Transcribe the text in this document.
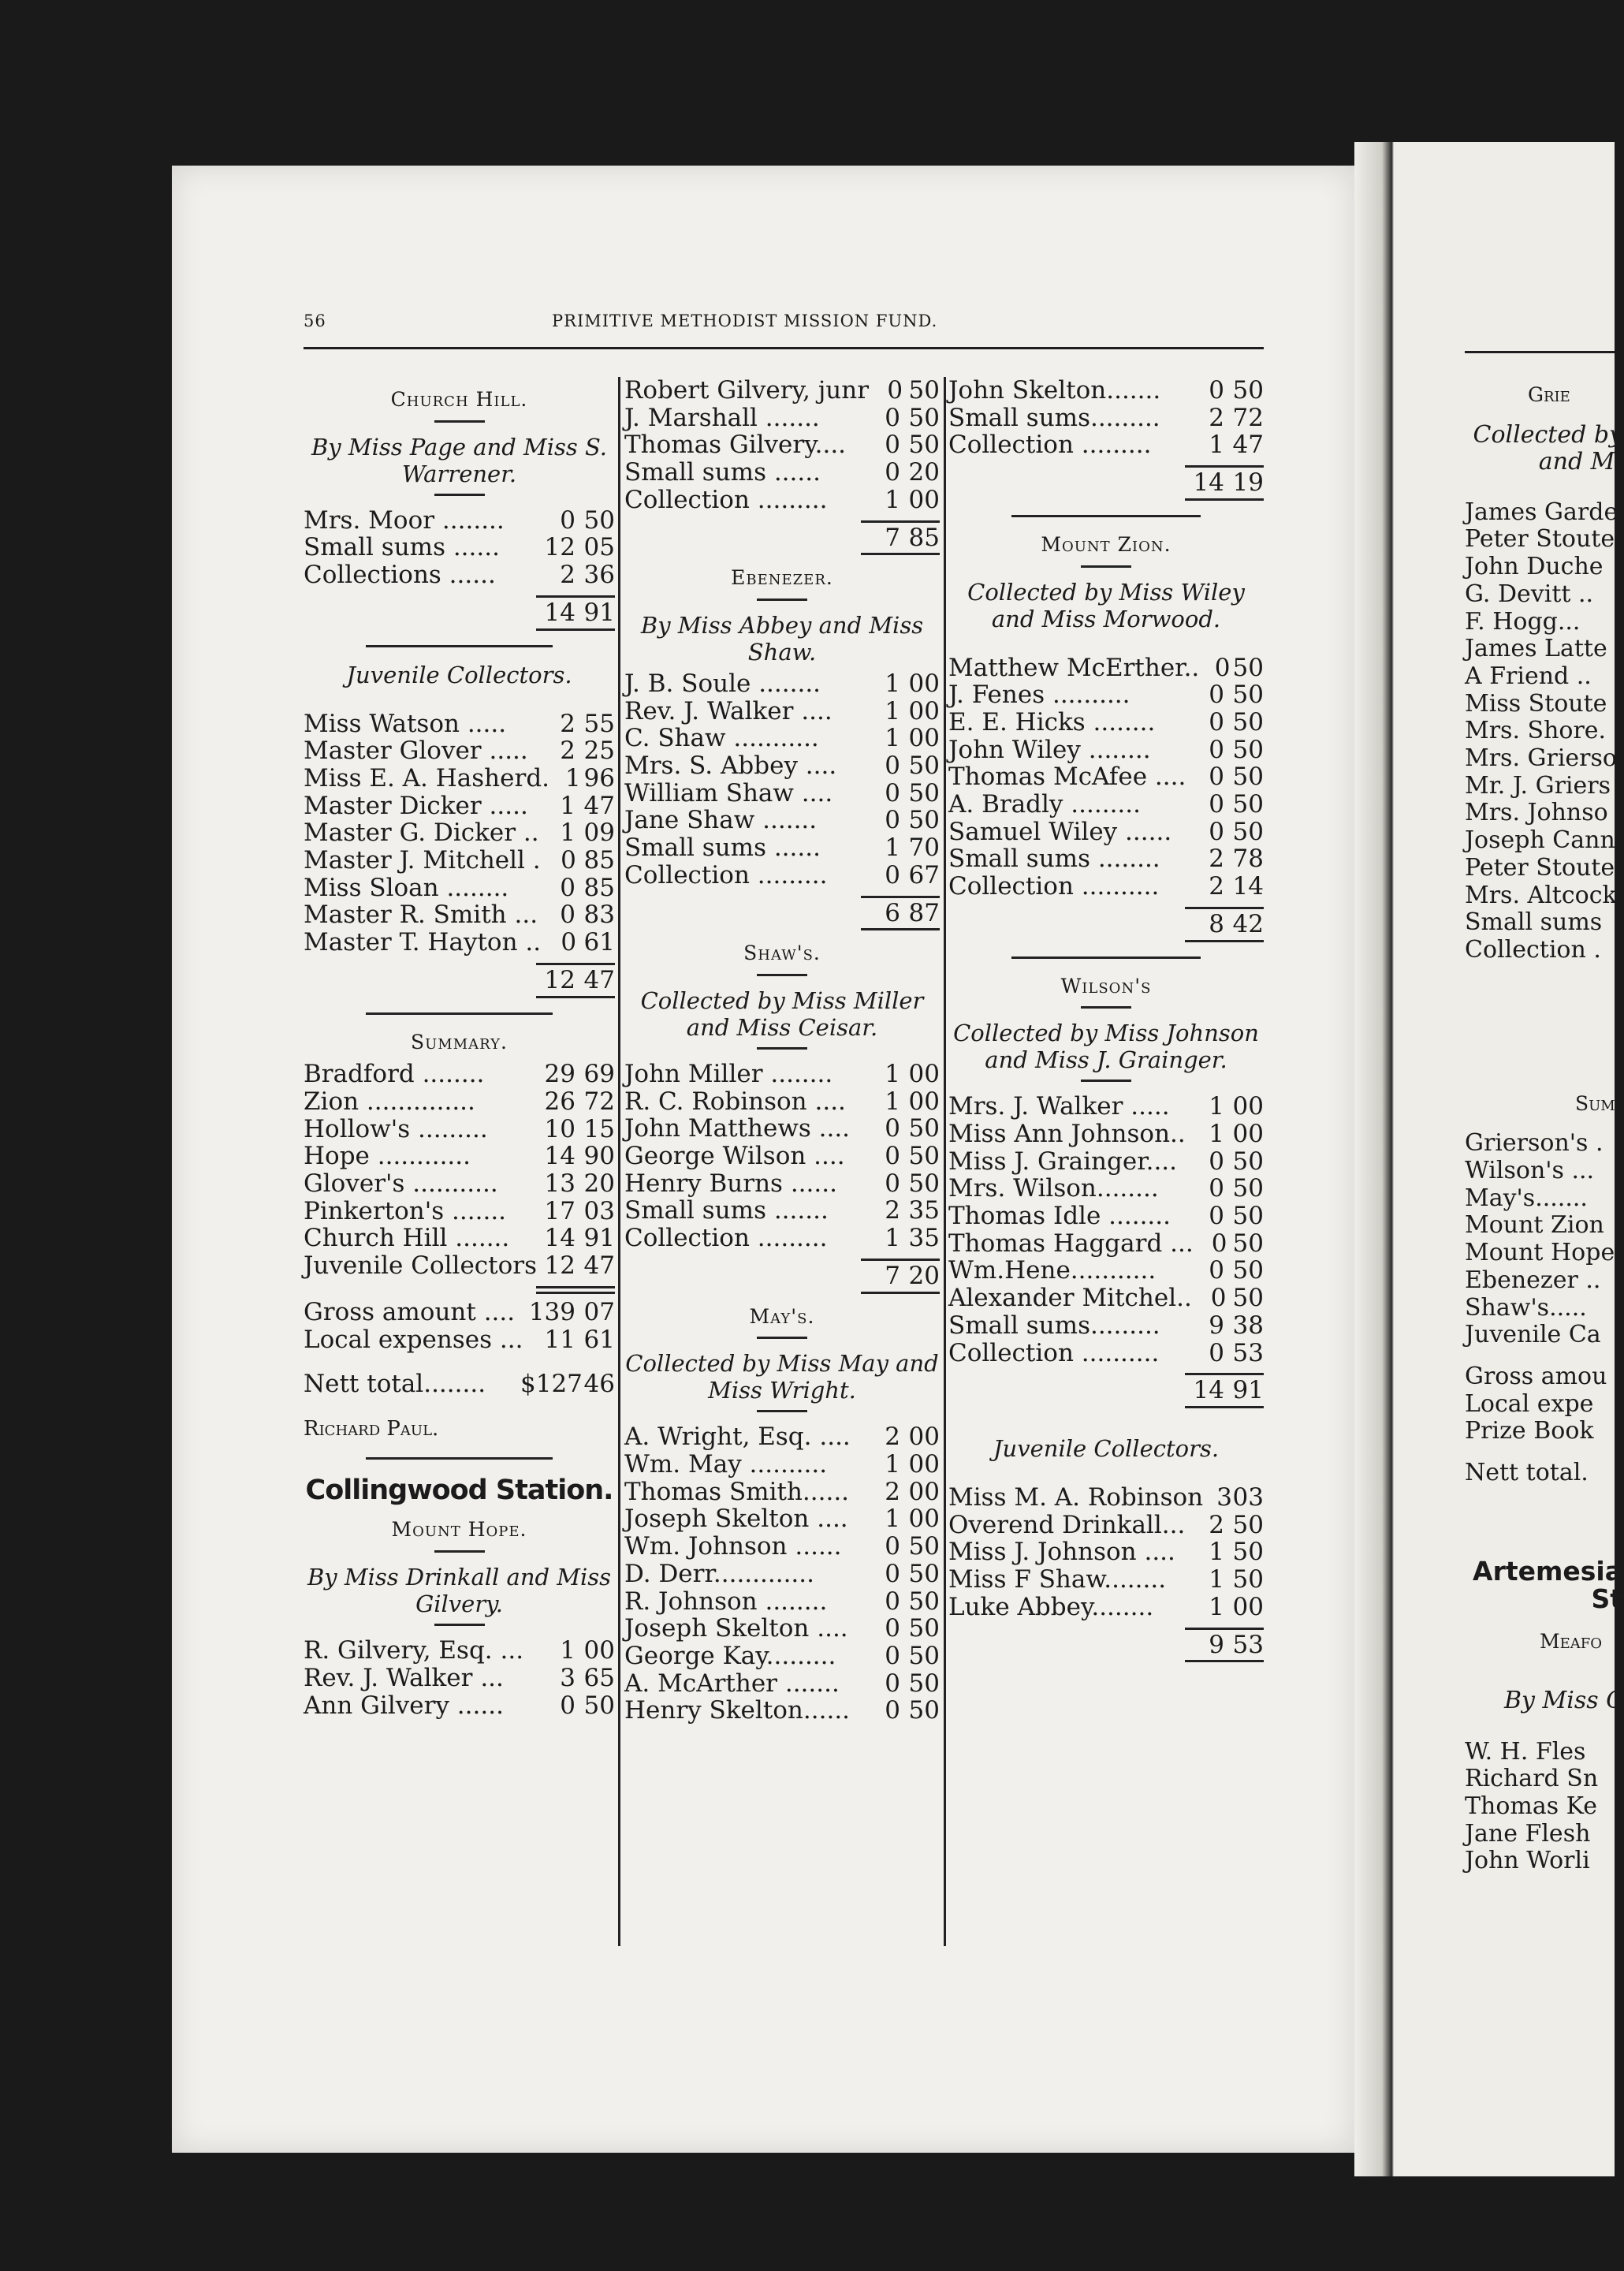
56	PRIMITIVE METHODIST MISSION FUND.
Church Hill.
By Miss Page and Miss S. Warrener.
Mrs. Moor ........	0 50
Small sums ......	12 05
Collections ......	2 36
14 91
Juvenile Collectors.
Miss Watson .....	2 55
Master Glover .....	2 25
Miss E. A. Hasherd. 1 96
Master Dicker .....	1 47
Master G. Dicker .. 1 09
Master J. Mitchell . 0 85
Miss Sloan ........	0 85
Master R. Smith ... 0 83
Master T. Hayton .. 0 61
12 47
Summary.
Bradford ........	29 69
Zion ..............	26 72
Hollow's .........	10 15
Hope ............	14 90
Glover's ...........	13 20
Pinkerton's .......	17 03
Church Hill .......	14 91
Juvenile Collectors 12 47
Gross amount .... 139 07
Local expenses ... 11 61
Nett total........	$127 46
Richard Paul.
Collingwood Station.
Mount Hope.
By Miss Drinkall and Miss Gilvery.
R. Gilvery, Esq. ...	1 00
Rev. J. Walker ...	3 65
Ann Gilvery ......	0 50
Robert Gilvery, junr 0 50
J. Marshall .......	0 50
Thomas Gilvery....	0 50
Small sums ......	0 20
Collection .........	1 00
7 85
Ebenezer.
By Miss Abbey and Miss Shaw.
J. B. Soule ........	1 00
Rev. J. Walker ....	1 00
C. Shaw ...........	1 00
Mrs. S. Abbey ....	0 50
William Shaw ....	0 50
Jane Shaw .......	0 50
Small sums ......	1 70
Collection .........	0 67
6 87
Shaw's.
Collected by Miss Miller and Miss Ceisar.
John Miller ........	1 00
R. C. Robinson ....	1 00
John Matthews ....	0 50
George Wilson ....	0 50
Henry Burns ......	0 50
Small sums .......	2 35
Collection .........	1 35
7 20
May's.
Collected by Miss May and Miss Wright.
A. Wright, Esq. ....	2 00
Wm. May ..........	1 00
Thomas Smith......	2 00
Joseph Skelton ....	1 00
Wm. Johnson ......	0 50
D. Derr.............	0 50
R. Johnson ........	0 50
Joseph Skelton ....	0 50
George Kay.........	0 50
A. McArther .......	0 50
Henry Skelton......	0 50
John Skelton.......	0 50
Small sums.........	2 72
Collection .........	1 47
14 19
Mount Zion.
Collected by Miss Wiley and Miss Morwood.
Matthew McErther.. 0 50
J. Fenes ..........	0 50
E. E. Hicks ........	0 50
John Wiley ........	0 50
Thomas McAfee .... 0 50
A. Bradly .........	0 50
Samuel Wiley ......	0 50
Small sums ........	2 78
Collection ..........	2 14
8 42
Wilson's
Collected by Miss Johnson and Miss J. Grainger.
Mrs. J. Walker .....	1 00
Miss Ann Johnson.. 1 00
Miss J. Grainger....	0 50
Mrs. Wilson........	0 50
Thomas Idle ........	0 50
Thomas Haggard ... 0 50
Wm.Hene...........	0 50
Alexander Mitchel.. 0 50
Small sums.........	9 38
Collection ..........	0 53
14 91
Juvenile Collectors.
Miss M. A. Robinson 3 03
Overend Drinkall... 2 50
Miss J. Johnson ....	1 50
Miss F Shaw........	1 50
Luke Abbey........	1 00
9 53
Grie
Collected by
and Mi
James Garde
Peter Stoute
John Duche
G. Devitt ..
F. Hogg...
James Latte
A Friend ..
Miss Stoute
Mrs. Shore.
Mrs. Grierso
Mr. J. Griers
Mrs. Johnso
Joseph Cann
Peter Stoute
Mrs. Altcock
Small sums
Collection .
Sum
Grierson's .
Wilson's ...
May's.......
Mount Zion
Mount Hope
Ebenezer ..
Shaw's.....
Juvenile Ca
Gross amou
Local expe
Prize Book
Nett total.
Artemesia
St
Meafo
By Miss C
W. H. Fles
Richard Sn
Thomas Ke
Jane Flesh
John Worli
